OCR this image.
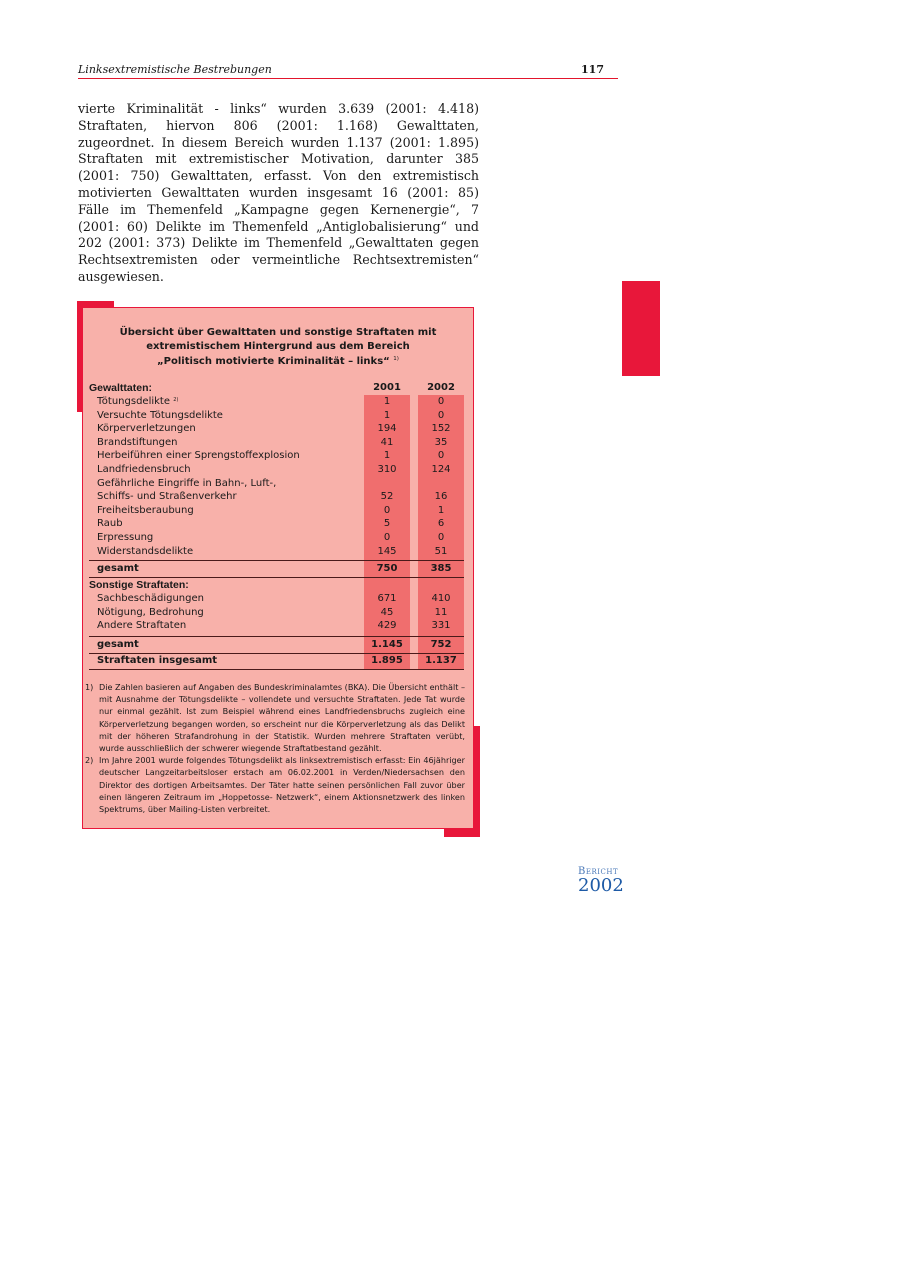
Linksextremistische Bestrebungen	117
vierte Kriminalität - links“ wurden 3.639 (2001: 4.418) Straftaten, hiervon 806 (2001: 1.168) Gewalttaten, zugeordnet. In diesem Bereich wurden 1.137 (2001: 1.895) Straftaten mit extremistischer Motivation, darunter 385 (2001: 750) Gewalttaten, erfasst. Von den extremistisch motivierten Gewalttaten wurden insgesamt 16 (2001: 85) Fälle im Themenfeld „Kampagne gegen Kernenergie“, 7 (2001: 60) Delikte im Themenfeld „Antiglobalisierung“ und 202 (2001: 373) Delikte im Themenfeld „Gewalttaten gegen Rechtsextremisten oder vermeintliche Rechtsextremisten“ ausgewiesen.
Übersicht über Gewalttaten und sonstige Straftaten mit
extremistischem Hintergrund aus dem Bereich
„Politisch motivierte Kriminalität – links“ $^{1)}$
2001	2002
Gewalttaten:
Tötungsdelikte $^{2)}$	1	0
Versuchte Tötungsdelikte	1	0
Körperverletzungen	194	152
Brandstiftungen	41	35
Herbeiführen einer Sprengstoffexplosion	1	0
Landfriedensbruch	310	124
Gefährliche Eingriffe in Bahn-, Luft-,
Schiffs- und Straßenverkehr	52	16
Freiheitsberaubung	0	1
Raub	5	6
Erpressung	0	0
Widerstandsdelikte	145	51
gesamt	750	385
Sonstige Straftaten:
Sachbeschädigungen	671	410
Nötigung, Bedrohung	45	11
Andere Straftaten	429	331
gesamt	1.145	752
Straftaten insgesamt	1.895	1.137
1) Die Zahlen basieren auf Angaben des Bundeskriminalamtes (BKA). Die Übersicht enthält – mit Ausnahme der Tötungsdelikte – vollendete und versuchte Straftaten. Jede Tat wurde nur einmal gezählt. Ist zum Beispiel während eines Landfriedensbruchs zugleich eine Körperverletzung begangen worden, so erscheint nur die Körperverletzung als das Delikt mit der höheren Strafandrohung in der Statistik. Wurden mehrere Straftaten verübt, wurde ausschließlich der schwerer wiegende Straftatbestand gezählt.
2) Im Jahre 2001 wurde folgendes Tötungsdelikt als linksextremistisch erfasst: Ein 46jähriger deutscher Langzeitarbeitsloser erstach am 06.02.2001 in Verden/Niedersachsen den Direktor des dortigen Arbeitsamtes. Der Täter hatte seinen persönlichen Fall zuvor über einen längeren Zeitraum im „Hoppetosse- Netzwerk“, einem Aktionsnetzwerk des linken Spektrums, über Mailing-Listen verbreitet.
Bericht
2002
